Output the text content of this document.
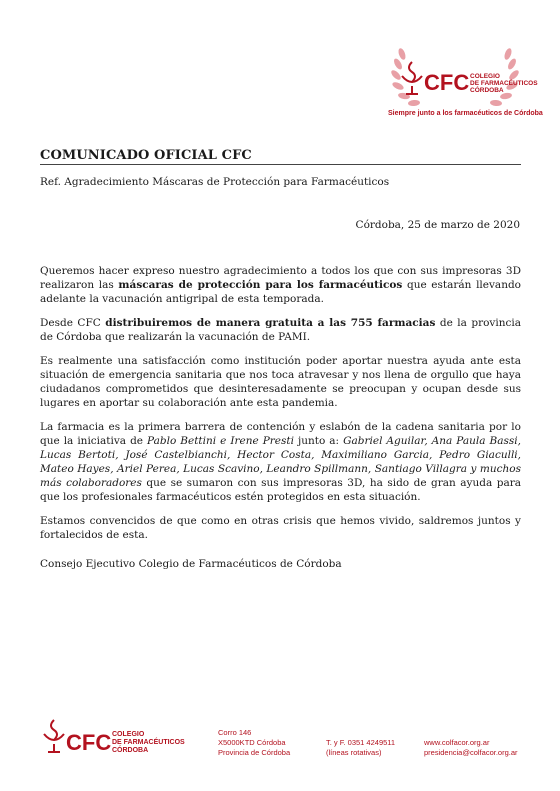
CFC COLEGIO
DE FARMACÉUTICOS
CÓRDOBA
Siempre junto a los farmacéuticos de Córdoba
COMUNICADO OFICIAL CFC
Ref. Agradecimiento Máscaras de Protección para Farmacéuticos
Córdoba, 25 de marzo de 2020

Queremos hacer expreso nuestro agradecimiento a todos los que con sus impresoras 3D realizaron las máscaras de protección para los farmacéuticos que estarán llevando adelante la vacunación antigripal de esta temporada.

Desde CFC distribuiremos de manera gratuita a las 755 farmacias de la provincia de Córdoba que realizarán la vacunación de PAMI.

Es realmente una satisfacción como institución poder aportar nuestra ayuda ante esta situación de emergencia sanitaria que nos toca atravesar y nos llena de orgullo que haya ciudadanos comprometidos que desinteresadamente se preocupan y ocupan desde sus lugares en aportar su colaboración ante esta pandemia.

La farmacia es la primera barrera de contención y eslabón de la cadena sanitaria por lo que la iniciativa de Pablo Bettini e Irene Presti junto a: Gabriel Aguilar, Ana Paula Bassi, Lucas Bertoti, José Castelbianchi, Hector Costa, Maximiliano Garcia, Pedro Giaculli, Mateo Hayes, Ariel Perea, Lucas Scavino, Leandro Spillmann, Santiago Villagra y muchos más colaboradores que se sumaron con sus impresoras 3D, ha sido de gran ayuda para que los profesionales farmacéuticos estén protegidos en esta situación.

Estamos convencidos de que como en otras crisis que hemos vivido, saldremos juntos y fortalecidos de esta.

Consejo Ejecutivo Colegio de Farmacéuticos de Córdoba
CFC COLEGIO
DE FARMACÉUTICOS
CÓRDOBA
Corro 146
X5000KTD Córdoba
Provincia de Córdoba
T. y F. 0351 4249511
(líneas rotativas)
www.colfacor.org.ar
presidencia@colfacor.org.ar
